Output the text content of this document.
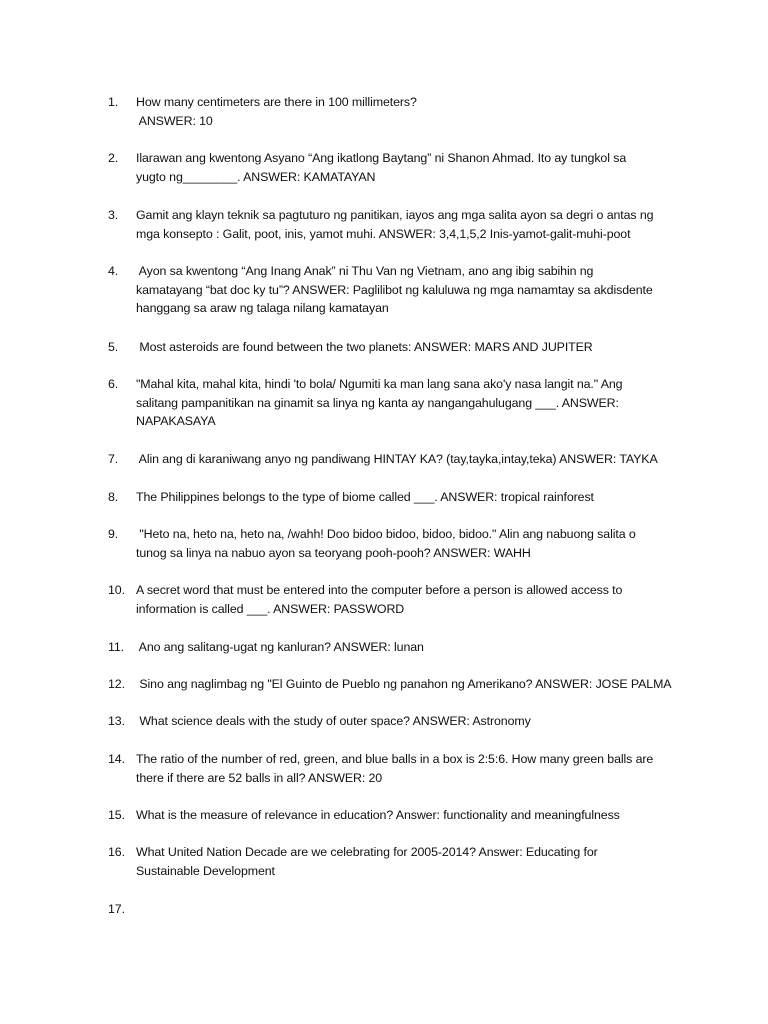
1.	How many centimeters are there in 100 millimeters?
ANSWER: 10
2.	Ilarawan ang kwentong Asyano “Ang ikatlong Baytang” ni Shanon Ahmad. Ito ay tungkol sa
yugto ng________. ANSWER: KAMATAYAN
3.	Gamit ang klayn teknik sa pagtuturo ng panitikan, iayos ang mga salita ayon sa degri o antas ng
mga konsepto : Galit, poot, inis, yamot muhi. ANSWER: 3,4,1,5,2 Inis-yamot-galit-muhi-poot
4.	Ayon sa kwentong “Ang Inang Anak” ni Thu Van ng Vietnam, ano ang ibig sabihin ng
kamatayang “bat doc ky tu”? ANSWER: Paglilibot ng kaluluwa ng mga namamtay sa akdisdente
hanggang sa araw ng talaga nilang kamatayan
5.	Most asteroids are found between the two planets: ANSWER: MARS AND JUPITER
6.	"Mahal kita, mahal kita, hindi 'to bola/ Ngumiti ka man lang sana ako'y nasa langit na." Ang
salitang pampanitikan na ginamit sa linya ng kanta ay nangangahulugang ___. ANSWER:
NAPAKASAYA
7.	Alin ang di karaniwang anyo ng pandiwang HINTAY KA? (tay,tayka,intay,teka) ANSWER: TAYKA
8.	The Philippines belongs to the type of biome called ___. ANSWER: tropical rainforest
9.	"Heto na, heto na, heto na, /wahh! Doo bidoo bidoo, bidoo, bidoo." Alin ang nabuong salita o
tunog sa linya na nabuo ayon sa teoryang pooh-pooh? ANSWER: WAHH
10. A secret word that must be entered into the computer before a person is allowed access to
information is called ___. ANSWER: PASSWORD
11. Ano ang salitang-ugat ng kanluran? ANSWER: lunan
12. Sino ang naglimbag ng "El Guinto de Pueblo ng panahon ng Amerikano? ANSWER: JOSE PALMA
13. What science deals with the study of outer space? ANSWER: Astronomy
14. The ratio of the number of red, green, and blue balls in a box is 2:5:6. How many green balls are
there if there are 52 balls in all? ANSWER: 20
15. What is the measure of relevance in education? Answer: functionality and meaningfulness
16. What United Nation Decade are we celebrating for 2005-2014? Answer: Educating for
Sustainable Development
17.
